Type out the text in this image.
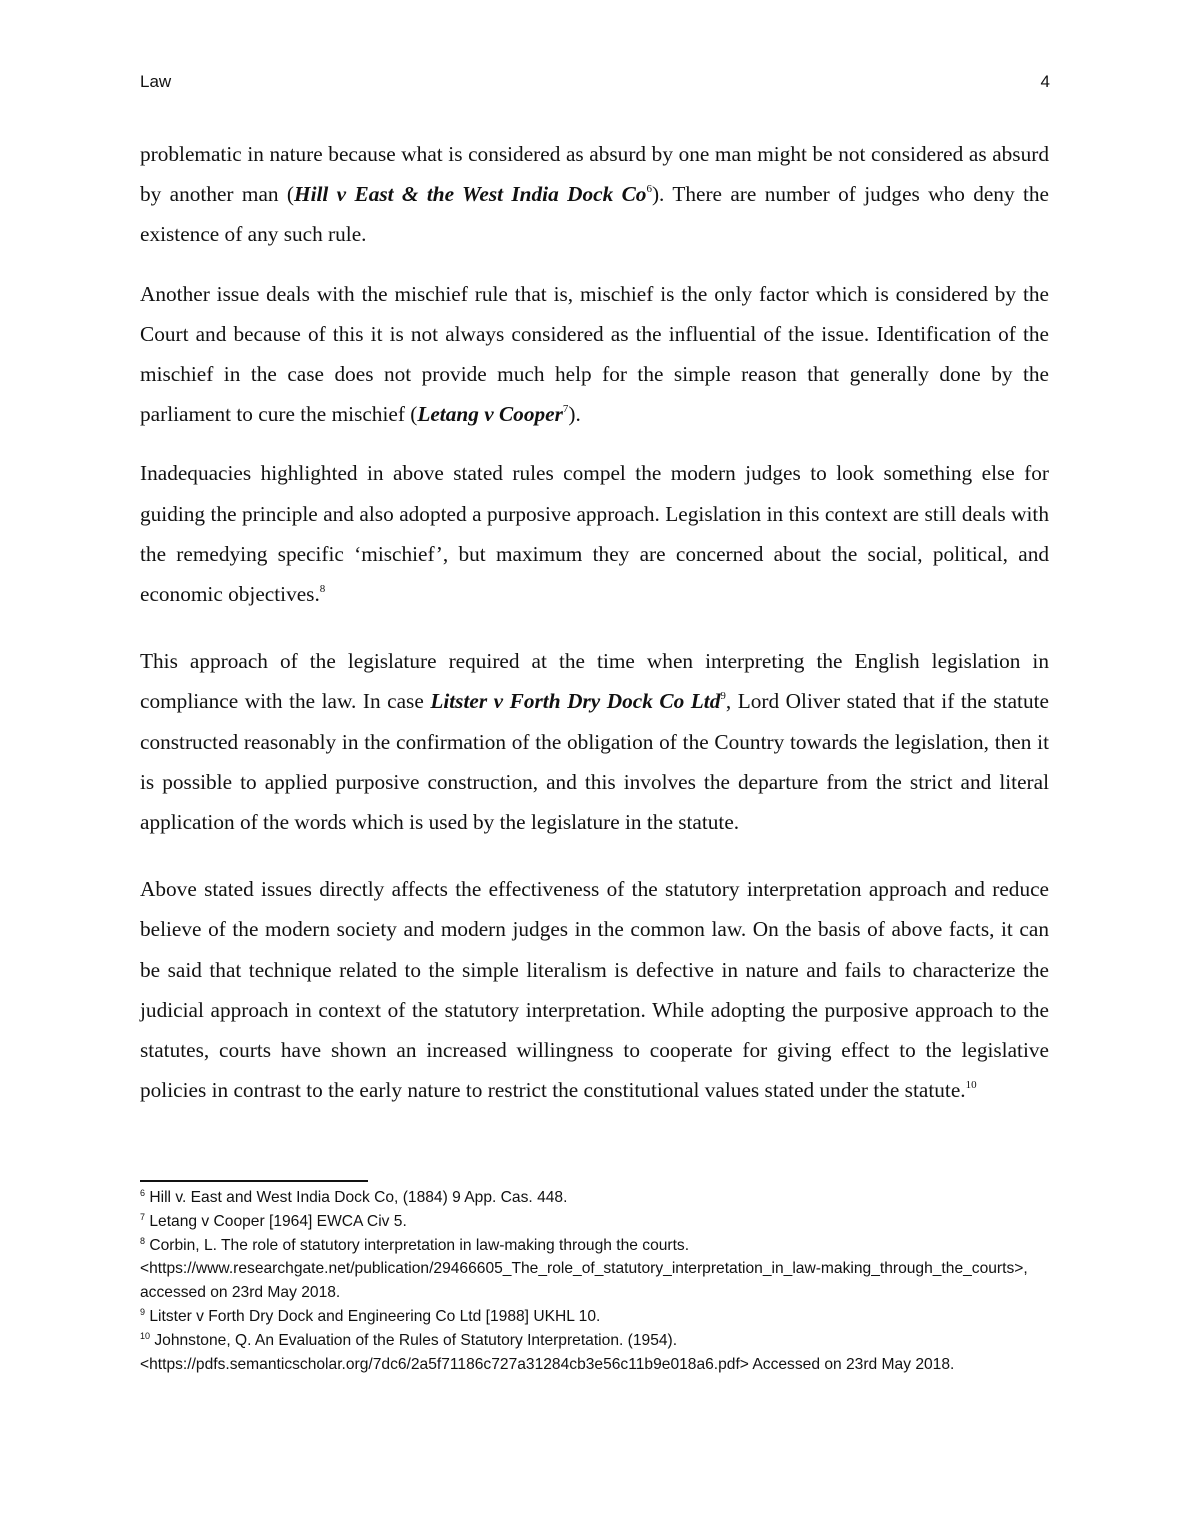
Law	4

problematic in nature because what is considered as absurd by one man might be not considered as absurd by another man (Hill v East & the West India Dock Co$^6$). There are number of judges who deny the existence of any such rule.

Another issue deals with the mischief rule that is, mischief is the only factor which is considered by the Court and because of this it is not always considered as the influential of the issue. Identification of the mischief in the case does not provide much help for the simple reason that generally done by the parliament to cure the mischief (Letang v Cooper$^7$).

Inadequacies highlighted in above stated rules compel the modern judges to look something else for guiding the principle and also adopted a purposive approach. Legislation in this context are still deals with the remedying specific ‘mischief’, but maximum they are concerned about the social, political, and economic objectives.$^8$

This approach of the legislature required at the time when interpreting the English legislation in compliance with the law. In case Litster v Forth Dry Dock Co Ltd$^9$, Lord Oliver stated that if the statute constructed reasonably in the confirmation of the obligation of the Country towards the legislation, then it is possible to applied purposive construction, and this involves the departure from the strict and literal application of the words which is used by the legislature in the statute.

Above stated issues directly affects the effectiveness of the statutory interpretation approach and reduce believe of the modern society and modern judges in the common law. On the basis of above facts, it can be said that technique related to the simple literalism is defective in nature and fails to characterize the judicial approach in context of the statutory interpretation. While adopting the purposive approach to the statutes, courts have shown an increased willingness to cooperate for giving effect to the legislative policies in contrast to the early nature to restrict the constitutional values stated under the statute.$^{10}$

$^6$ Hill v. East and West India Dock Co, (1884) 9 App. Cas. 448.

$^7$ Letang v Cooper [1964] EWCA Civ 5.

$^8$ Corbin, L. The role of statutory interpretation in law-making through the courts.
<https://www.researchgate.net/publication/29466605_The_role_of_statutory_interpretation_in_law-making_through_the_courts>, accessed on 23rd May 2018.

$^9$ Litster v Forth Dry Dock and Engineering Co Ltd [1988] UKHL 10.

$^{10}$ Johnstone, Q. An Evaluation of the Rules of Statutory Interpretation. (1954).
<https://pdfs.semanticscholar.org/7dc6/2a5f71186c727a31284cb3e56c11b9e018a6.pdf> Accessed on 23rd May 2018.
